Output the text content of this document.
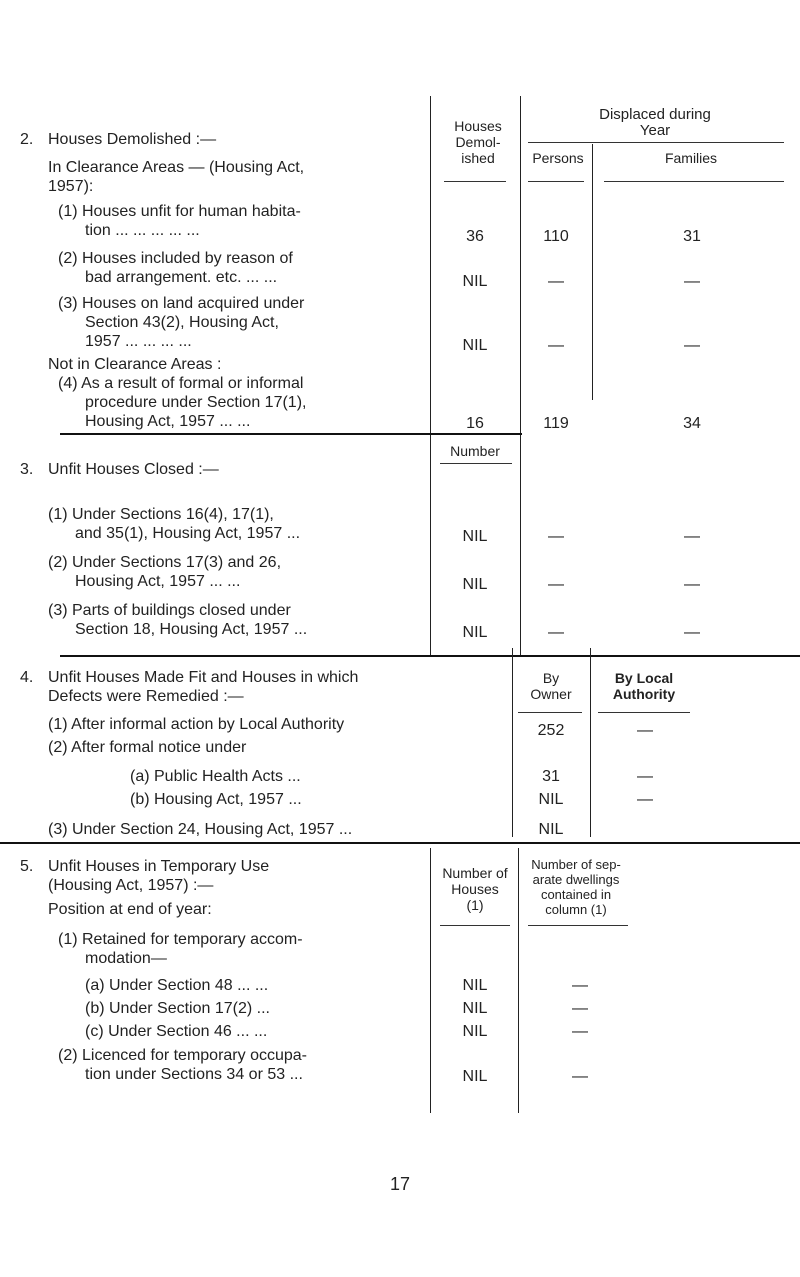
2. Houses Demolished :—
In Clearance Areas — (Housing Act,
1957):
Houses
Demol-
ished
Displaced during
Year
Persons	Families
(1) Houses unfit for human habita-
tion ... ... ... ... ...	36	110	31
(2) Houses included by reason of
bad arrangement. etc. ... ...	NIL	—	—
(3) Houses on land acquired under
Section 43(2), Housing Act,
1957 ... ... ... ...	NIL	—	—
Not in Clearance Areas :
(4) As a result of formal or informal
procedure under Section 17(1),
Housing Act, 1957 ... ...	16	119	34
Number
3. Unfit Houses Closed :—
(1) Under Sections 16(4), 17(1),
and 35(1), Housing Act, 1957 ...	NIL	—	—
(2) Under Sections 17(3) and 26,
Housing Act, 1957 ... ...	NIL	—	—
(3) Parts of buildings closed under
Section 18, Housing Act, 1957 ...	NIL	—	—
4. Unfit Houses Made Fit and Houses in which
Defects were Remedied :—
By
Owner
By Local
Authority
(1) After informal action by Local Authority	252	—
(2) After formal notice under
(a) Public Health Acts ...	31	—
(b) Housing Act, 1957 ...	NIL	—
(3) Under Section 24, Housing Act, 1957 ...	NIL
5. Unfit Houses in Temporary Use
(Housing Act, 1957) :—
Position at end of year:
Number of
Houses
(1)
Number of sep-
arate dwellings
contained in
column (1)
(1) Retained for temporary accom-
modation—
(a) Under Section 48 ... ...	NIL	—
(b) Under Section 17(2) ...	NIL	—
(c) Under Section 46 ... ...	NIL	—
(2) Licenced for temporary occupa-
tion under Sections 34 or 53 ...	NIL	—
17
